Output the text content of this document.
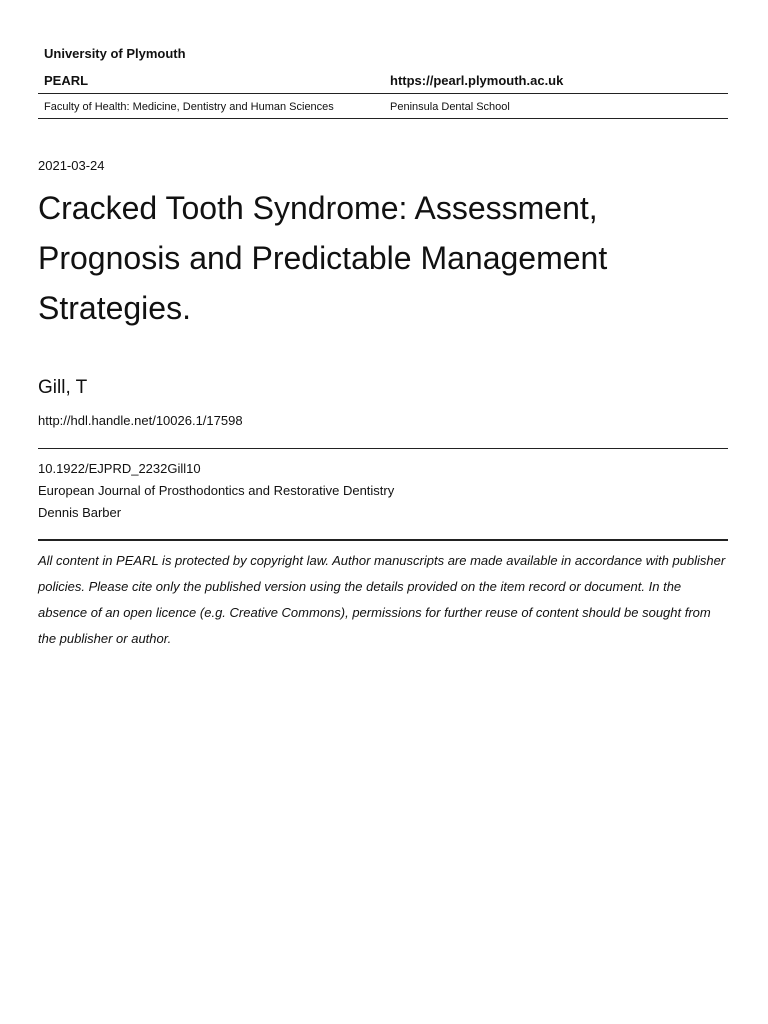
University of Plymouth
PEARL	https://pearl.plymouth.ac.uk
Faculty of Health: Medicine, Dentistry and Human Sciences	Peninsula Dental School
2021-03-24
Cracked Tooth Syndrome: Assessment, Prognosis and Predictable Management Strategies.
Gill, T
http://hdl.handle.net/10026.1/17598
10.1922/EJPRD_2232Gill10
European Journal of Prosthodontics and Restorative Dentistry
Dennis Barber

All content in PEARL is protected by copyright law. Author manuscripts are made available in accordance with publisher policies. Please cite only the published version using the details provided on the item record or document. In the absence of an open licence (e.g. Creative Commons), permissions for further reuse of content should be sought from the publisher or author.
